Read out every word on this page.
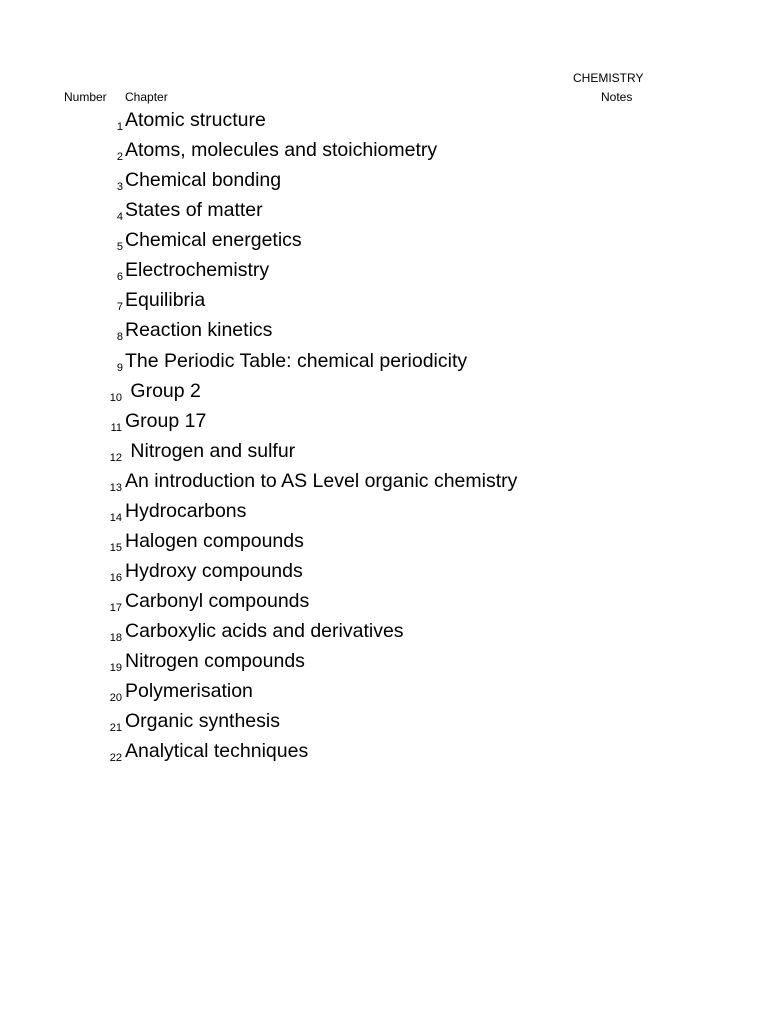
CHEMISTRY
Number Chapter	Notes
1 Atomic structure
2 Atoms, molecules and stoichiometry
3 Chemical bonding
4 States of matter
5 Chemical energetics
6 Electrochemistry
7 Equilibria
8 Reaction kinetics
9 The Periodic Table: chemical periodicity
10 Group 2
11 Group 17
12 Nitrogen and sulfur
13 An introduction to AS Level organic chemistry
14 Hydrocarbons
15 Halogen compounds
16 Hydroxy compounds
17 Carbonyl compounds
18 Carboxylic acids and derivatives
19 Nitrogen compounds
20 Polymerisation
21 Organic synthesis
22 Analytical techniques
